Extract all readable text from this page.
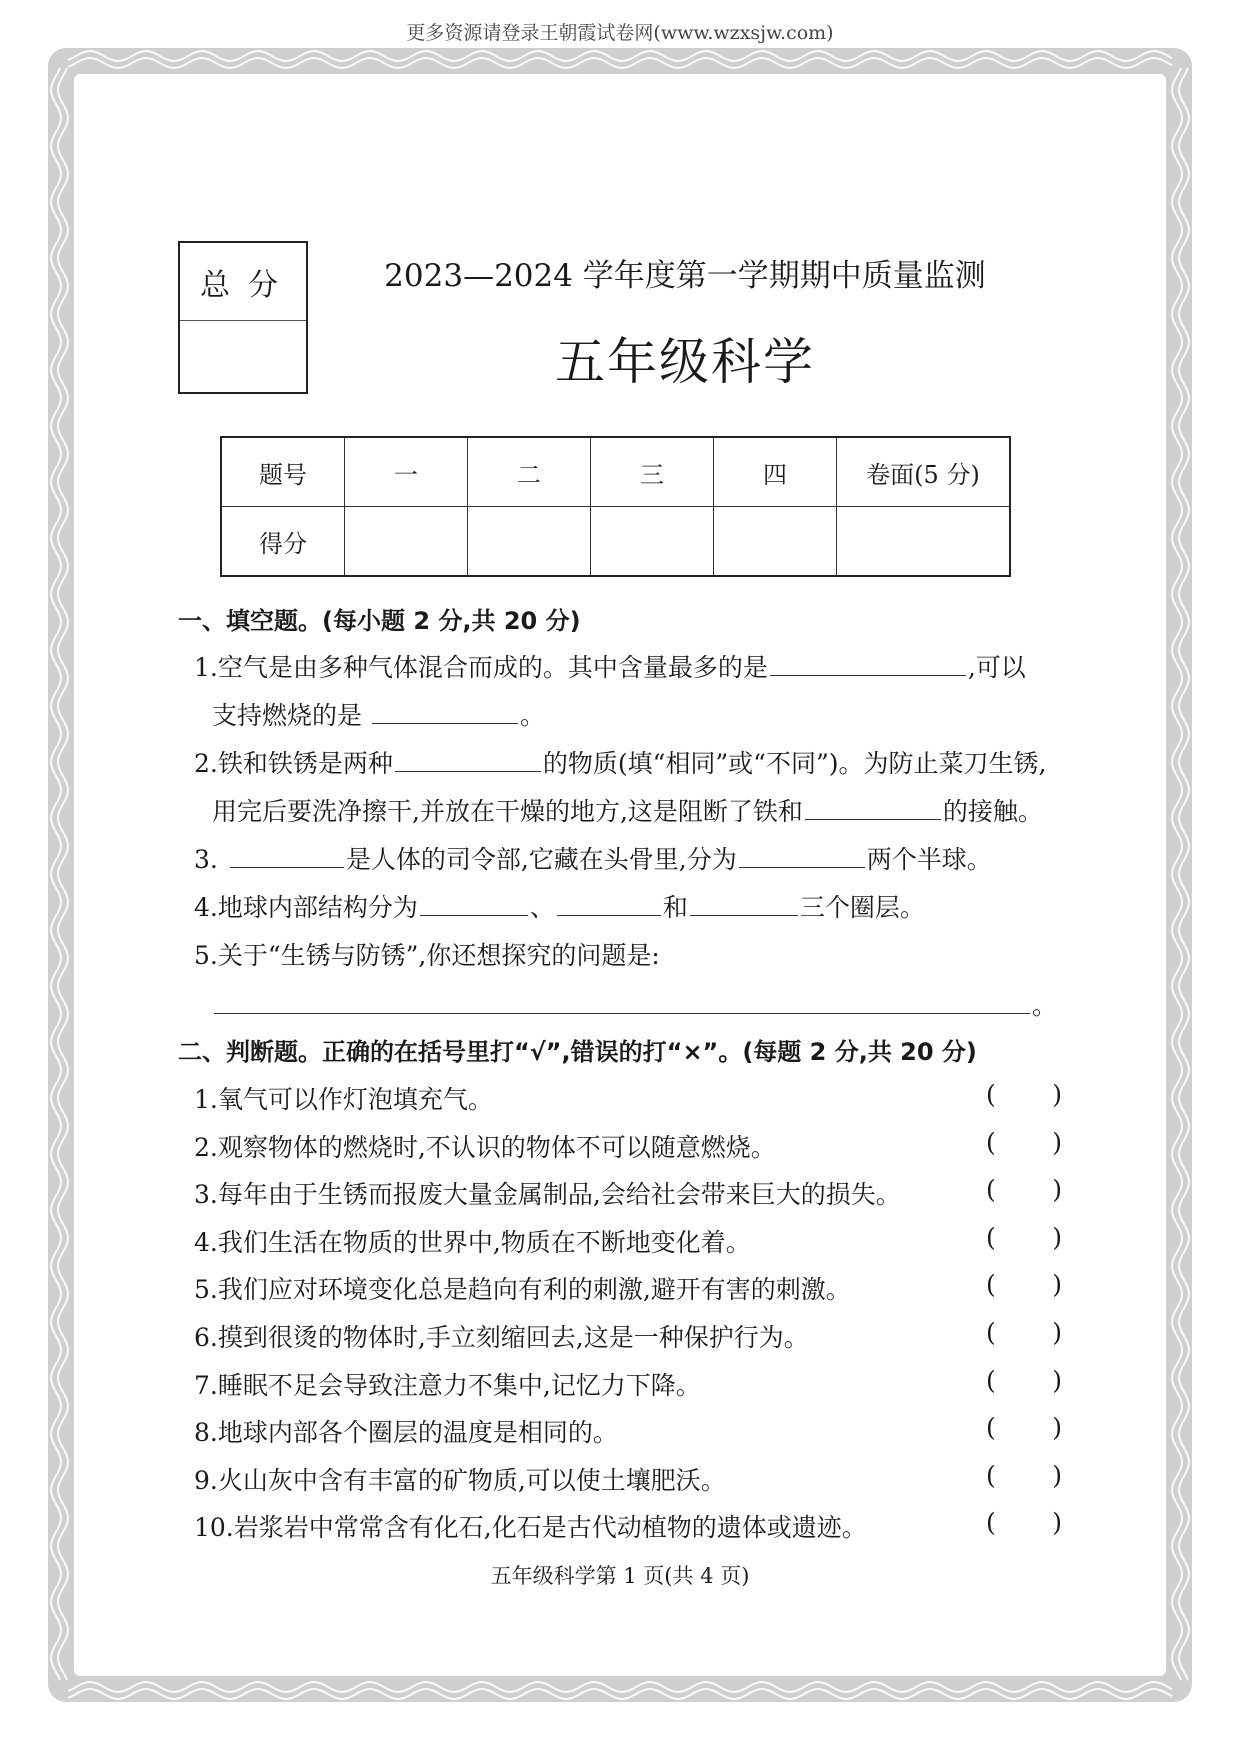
更多资源请登录王朝霞试卷网(www.wzxsjw.com)
总分	2023—2024 学年度第一学期期中质量监测
五年级科学
题号	一	二	三	四	卷面(5 分)
得分					
一、填空题。(每小题 2 分,共 20 分)
1.空气是由多种气体混合而成的。其中含量最多的是	,可以
支持燃烧的是	。
2.铁和铁锈是两种	的物质(填“相同”或“不同”)。为防止菜刀生锈,
用完后要洗净擦干,并放在干燥的地方,这是阻断了铁和	的接触。
3.	是人体的司令部,它藏在头骨里,分为	两个半球。
4.地球内部结构分为	、	和	三个圈层。
5.关于“生锈与防锈”,你还想探究的问题是:
。
二、判断题。正确的在括号里打“√”,错误的打“×”。(每题 2 分,共 20 分)
1.氧气可以作灯泡填充气。	( )
2.观察物体的燃烧时,不认识的物体不可以随意燃烧。	( )
3.每年由于生锈而报废大量金属制品,会给社会带来巨大的损失。	( )
4.我们生活在物质的世界中,物质在不断地变化着。	( )
5.我们应对环境变化总是趋向有利的刺激,避开有害的刺激。	( )
6.摸到很烫的物体时,手立刻缩回去,这是一种保护行为。	( )
7.睡眠不足会导致注意力不集中,记忆力下降。	( )
8.地球内部各个圈层的温度是相同的。	( )
9.火山灰中含有丰富的矿物质,可以使土壤肥沃。	( )
10.岩浆岩中常常含有化石,化石是古代动植物的遗体或遗迹。	( )
五年级科学第 1 页(共 4 页)
